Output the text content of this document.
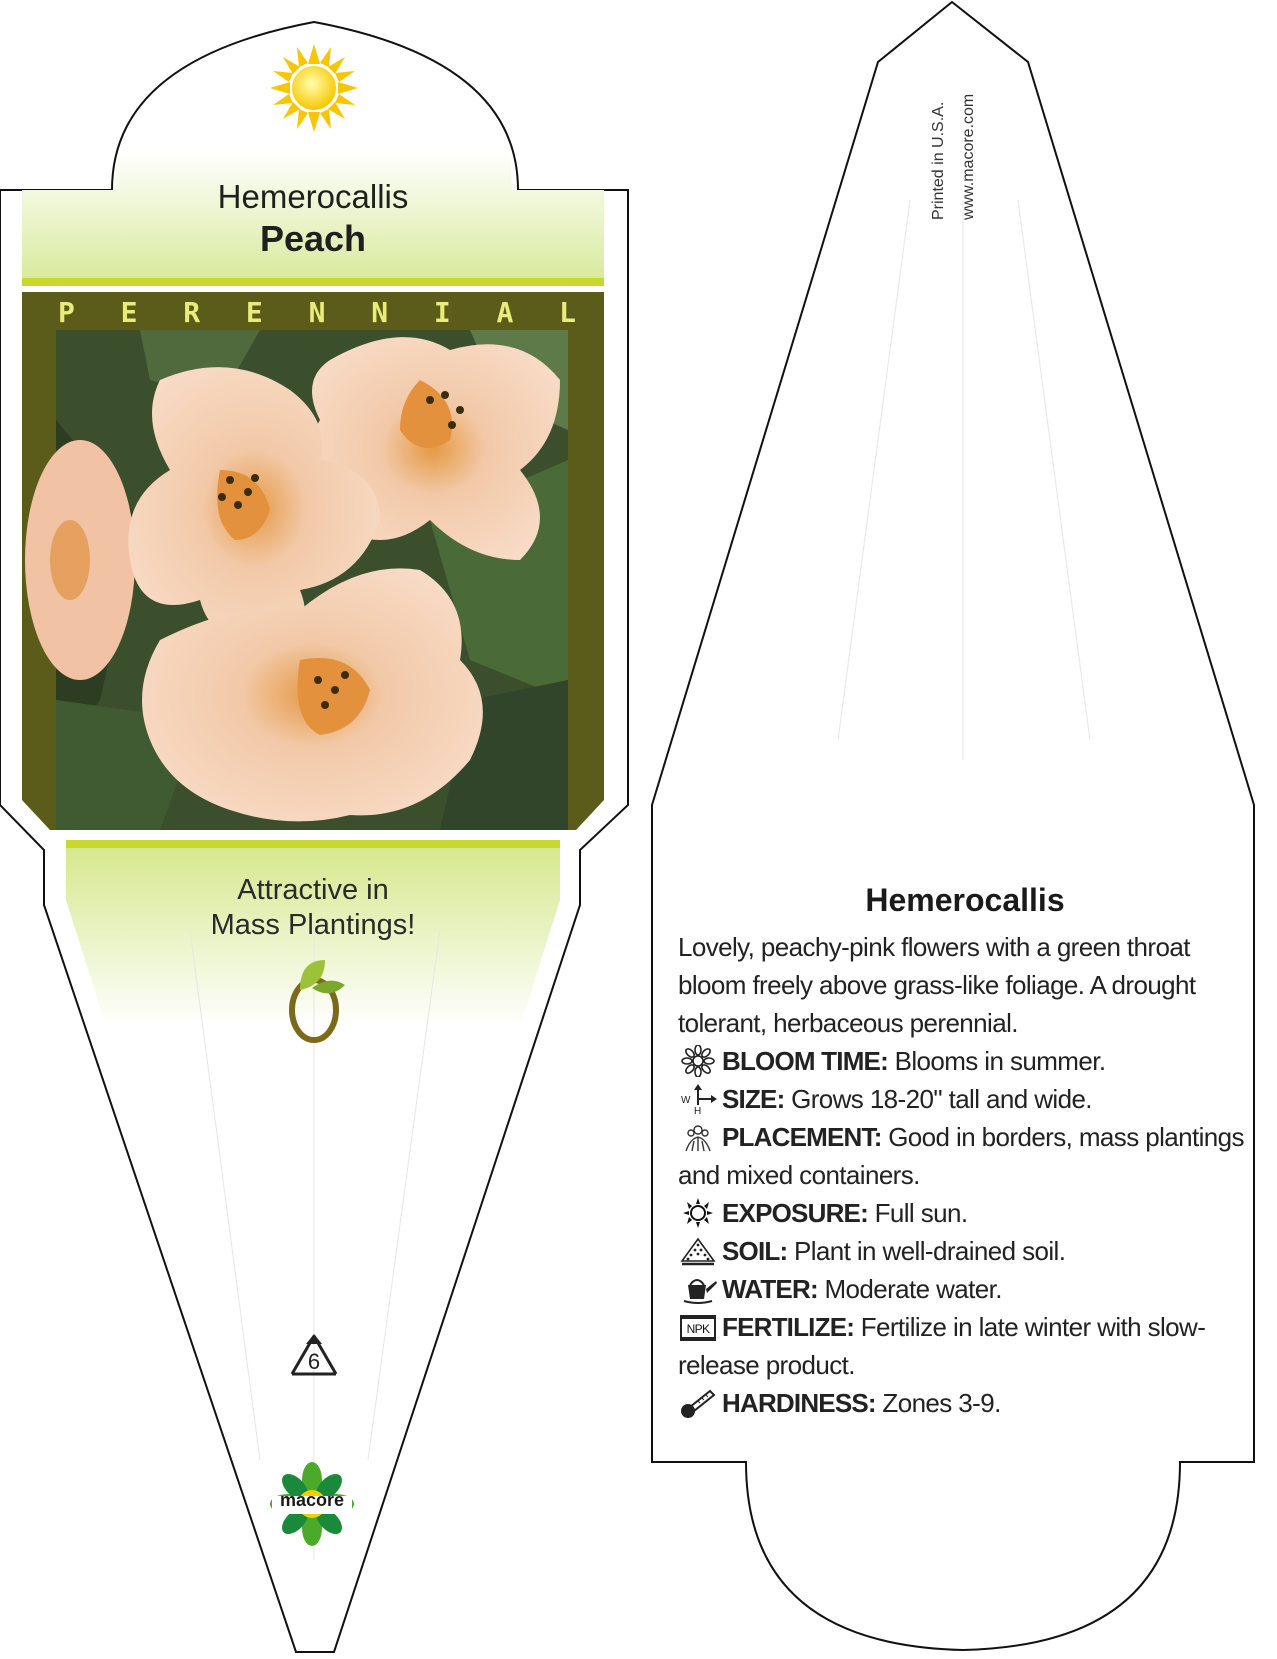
Hemerocallis
Peach
P E R E N N I A L
Attractive in
Mass Plantings!
6
macore
Printed in U.S.A. www.macore.com
Hemerocallis
Lovely, peachy-pink flowers with a green throat bloom freely above grass-like foliage. A drought tolerant, herbaceous perennial.
BLOOM TIME: Blooms in summer.
W
H SIZE: Grows 18-20" tall and wide.
PLACEMENT: Good in borders, mass plantings and mixed containers.
EXPOSURE: Full sun.
SOIL: Plant in well-drained soil.
WATER: Moderate water.
NPK FERTILIZE: Fertilize in late winter with slow-release product.
HARDINESS: Zones 3-9.
